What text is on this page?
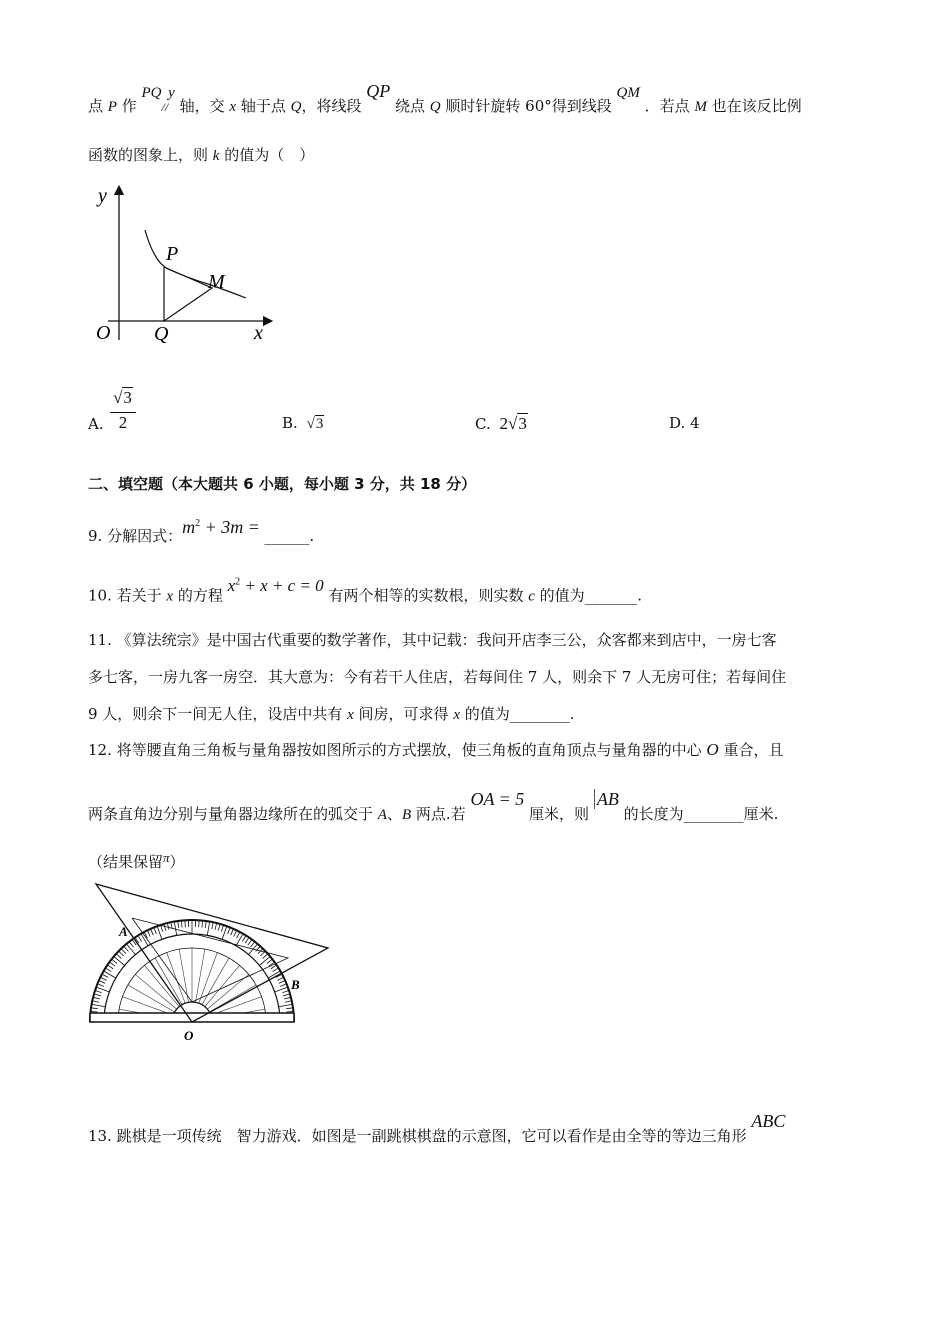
点 P 作 PQ//y 轴，交 x 轴于点 Q，将线段 QP 绕点 Q 顺时针旋转 60°得到线段 QM ．若点 M 也在该反比例
函数的图象上，则 k 的值为（　）
y
P
M
O Q	x
A.
√3
2	B. √3	C. 2√3	D. 4
二、填空题（本大题共 6 小题，每小题 3 分，共 18 分）
9. 分解因式：$m^2 + 3m$ = ______.
10. 若关于 x 的方程 $x^2 + x + c = 0$ 有两个相等的实数根，则实数 c 的值为_______.
11. 《算法统宗》是中国古代重要的数学著作，其中记载：我问开店李三公，众客都来到店中，一房七客
多七客，一房九客一房空．其大意为：今有若干人住店，若每间住 7 人，则余下 7 人无房可住；若每间住
9 人，则余下一间无人住，设店中共有 x 间房，可求得 x 的值为________.
12. 将等腰直角三角板与量角器按如图所示的方式摆放，使三角板的直角顶点与量角器的中心 O 重合，且
两条直角边分别与量角器边缘所在的弧交于 A、B 两点.若 OA = 5 厘米，则 AB 的长度为________厘米.
（结果保留π）
A
B
O
13. 跳棋是一项传统　智力游戏．如图是一副跳棋棋盘的示意图，它可以看作是由全等的等边三角形 ABC
